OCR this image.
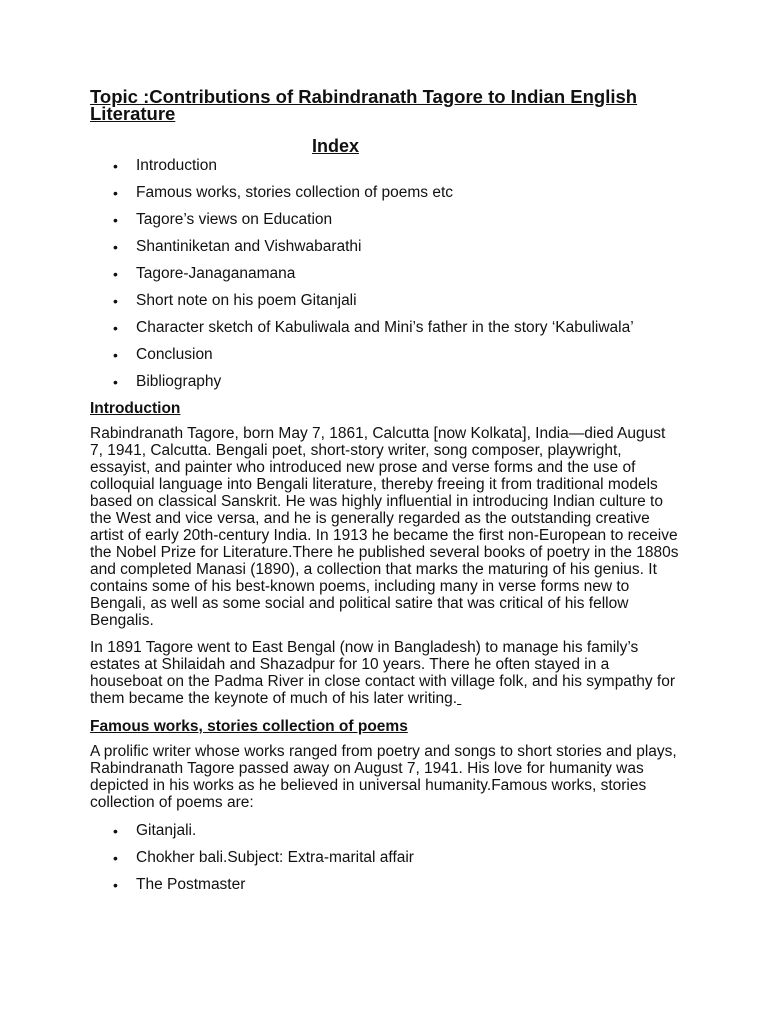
Topic :Contributions of Rabindranath Tagore to Indian English Literature
Index
• Introduction
• Famous works, stories collection of poems etc
• Tagore’s views on Education
• Shantiniketan and Vishwabarathi
• Tagore-Janaganamana
• Short note on his poem Gitanjali
• Character sketch of Kabuliwala and Mini’s father in the story ‘Kabuliwala’
• Conclusion
• Bibliography
Introduction

Rabindranath Tagore, born May 7, 1861, Calcutta [now Kolkata], India—died August 7, 1941, Calcutta. Bengali poet, short-story writer, song composer, playwright, essayist, and painter who introduced new prose and verse forms and the use of colloquial language into Bengali literature, thereby freeing it from traditional models based on classical Sanskrit. He was highly influential in introducing Indian culture to the West and vice versa, and he is generally regarded as the outstanding creative artist of early 20th-century India. In 1913 he became the first non-European to receive the Nobel Prize for Literature.There he published several books of poetry in the 1880s and completed Manasi (1890), a collection that marks the maturing of his genius. It contains some of his best-known poems, including many in verse forms new to Bengali, as well as some social and political satire that was critical of his fellow Bengalis.

In 1891 Tagore went to East Bengal (now in Bangladesh) to manage his family’s estates at Shilaidah and Shazadpur for 10 years. There he often stayed in a houseboat on the Padma River in close contact with village folk, and his sympathy for them became the keynote of much of his later writing.

Famous works, stories collection of poems

A prolific writer whose works ranged from poetry and songs to short stories and plays, Rabindranath Tagore passed away on August 7, 1941. His love for humanity was depicted in his works as he believed in universal humanity.Famous works, stories collection of poems are:

• Gitanjali.
• Chokher bali.Subject: Extra-marital affair
• The Postmaster
